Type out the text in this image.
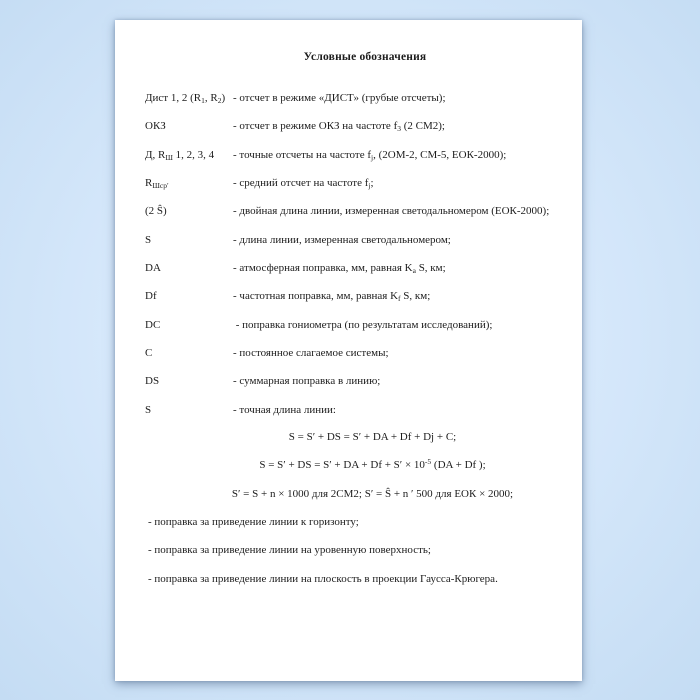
Условные обозначения
Дист 1, 2 ($R_1$, $R_2$) - отсчет в режиме «ДИСТ» (грубые отсчеты);
ОКЗ	- отсчет в режиме ОКЗ на частоте $f_3$ (2 СМ2);
Д, $R_Ш$ 1, 2, 3, 4	- точные отсчеты на частоте $f_j$, (2ОМ-2, СМ-5, ЕОК-2000);
$R_{Шср'}$	- средний отсчет на частоте $f_j$;
(2 Ŝ)	- двойная длина линии, измеренная светодальномером (ЕОК-2000);
S	- длина линии, измеренная светодальномером;
DA	- атмосферная поправка, мм, равная $K_а$ S, км;
Df	- частотная поправка, мм, равная $K_f$ S, км;
DC	- поправка гониометра (по результатам исследований);
C	- постоянное слагаемое системы;
DS	- суммарная поправка в линию;
S	- точная длина линии:
S = S′ + DS = S′ + DA + Df + Dj + C;
S = S′ + DS = S′ + DA + $Df + S' \times 10^{-5}$ (DA + Df );
S′ = S + n × 1000 для 2СМ2; S′ = Ŝ + n ′ 500 для ЕОК × 2000;
- поправка за приведение линии к горизонту;
- поправка за приведение линии на уровенную поверхность;
- поправка за приведение линии на плоскость в проекции Гаусса-Крюгера.
